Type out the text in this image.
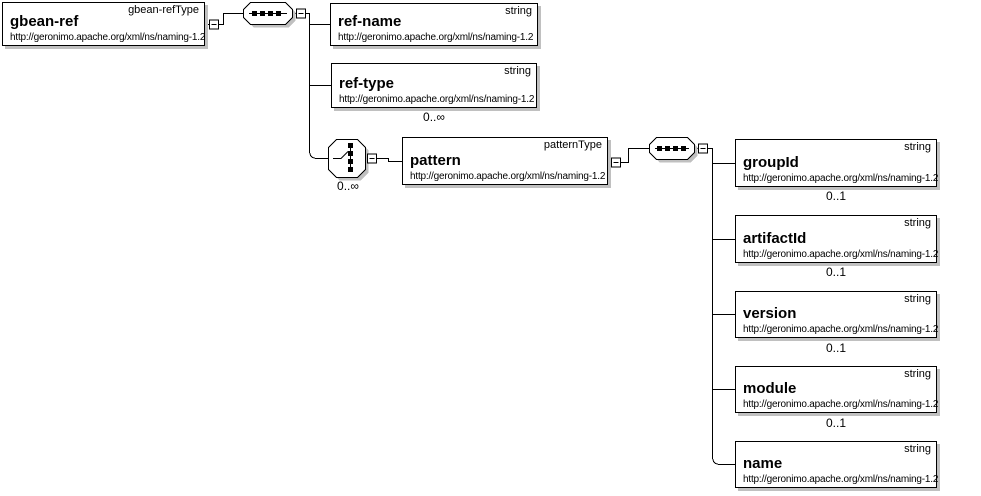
gbean-refType
gbean-ref
http://geronimo.apache.org/xml/ns/naming-1.2
string
ref-name
http://geronimo.apache.org/xml/ns/naming-1.2
string
ref-type
http://geronimo.apache.org/xml/ns/naming-1.2
0..∞
0..∞
patternType
pattern
http://geronimo.apache.org/xml/ns/naming-1.2
string
groupId
http://geronimo.apache.org/xml/ns/naming-1.2
0..1
string
artifactId
http://geronimo.apache.org/xml/ns/naming-1.2
0..1
string
version
http://geronimo.apache.org/xml/ns/naming-1.2
0..1
string
module
http://geronimo.apache.org/xml/ns/naming-1.2
0..1
string
name
http://geronimo.apache.org/xml/ns/naming-1.2
